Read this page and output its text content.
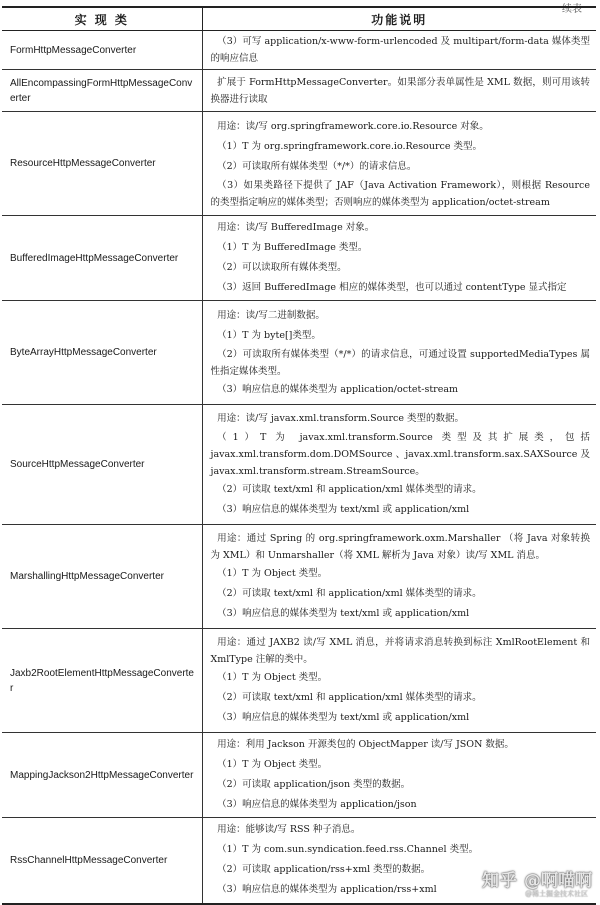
续表
实 现 类	功能说明
FormHttpMessageConverter	（3）可写 application/x-www-form-urlencoded 及 multipart/form-data 媒体类型的响应信息

AllEncompassingFormHttpMessageConverter	扩展于 FormHttpMessageConverter。如果部分表单属性是 XML 数据，则可用该转换器进行读取

ResourceHttpMessageConverter	用途：读/写 org.springframework.core.io.Resource 对象。
（1）T 为 org.springframework.core.io.Resource 类型。
（2）可读取所有媒体类型（*/*）的请求信息。
（3）如果类路径下提供了 JAF（Java Activation Framework），则根据 Resource 的类型指定响应的媒体类型；否则响应的媒体类型为 application/octet-stream

BufferedImageHttpMessageConverter	用途：读/写 BufferedImage 对象。
（1）T 为 BufferedImage 类型。
（2）可以读取所有媒体类型。
（3）返回 BufferedImage 相应的媒体类型，也可以通过 contentType 显式指定

ByteArrayHttpMessageConverter	用途：读/写二进制数据。
（1）T 为 byte[]类型。
（2）可读取所有媒体类型（*/*）的请求信息，可通过设置 supportedMediaTypes 属性指定媒体类型。
（3）响应信息的媒体类型为 application/octet-stream

SourceHttpMessageConverter	用途：读/写 javax.xml.transform.Source 类型的数据。
（1）T 为 javax.xml.transform.Source 类型及其扩展类，包括 javax.xml.transform.dom.DOMSource 、javax.xml.transform.sax.SAXSource 及 javax.xml.transform.stream.StreamSource。
（2）可读取 text/xml 和 application/xml 媒体类型的请求。
（3）响应信息的媒体类型为 text/xml 或 application/xml

MarshallingHttpMessageConverter	用途：通过 Spring 的 org.springframework.oxm.Marshaller （将 Java 对象转换为 XML）和 Unmarshaller（将 XML 解析为 Java 对象）读/写 XML 消息。
（1）T 为 Object 类型。
（2）可读取 text/xml 和 application/xml 媒体类型的请求。
（3）响应信息的媒体类型为 text/xml 或 application/xml

Jaxb2RootElementHttpMessageConverter	用途：通过 JAXB2 读/写 XML 消息，并将请求消息转换到标注 XmlRootElement 和 XmlType 注解的类中。
（1）T 为 Object 类型。
（2）可读取 text/xml 和 application/xml 媒体类型的请求。
（3）响应信息的媒体类型为 text/xml 或 application/xml

MappingJackson2HttpMessageConverter	用途：利用 Jackson 开源类包的 ObjectMapper 读/写 JSON 数据。
（1）T 为 Object 类型。
（2）可读取 application/json 类型的数据。
（3）响应信息的媒体类型为 application/json

RssChannelHttpMessageConverter	用途：能够读/写 RSS 种子消息。
（1）T 为 com.sun.syndication.feed.rss.Channel 类型。
（2）可读取 application/rss+xml 类型的数据。
（3）响应信息的媒体类型为 application/rss+xml	知乎 @啊喵啊
@稀土掘金技术社区
